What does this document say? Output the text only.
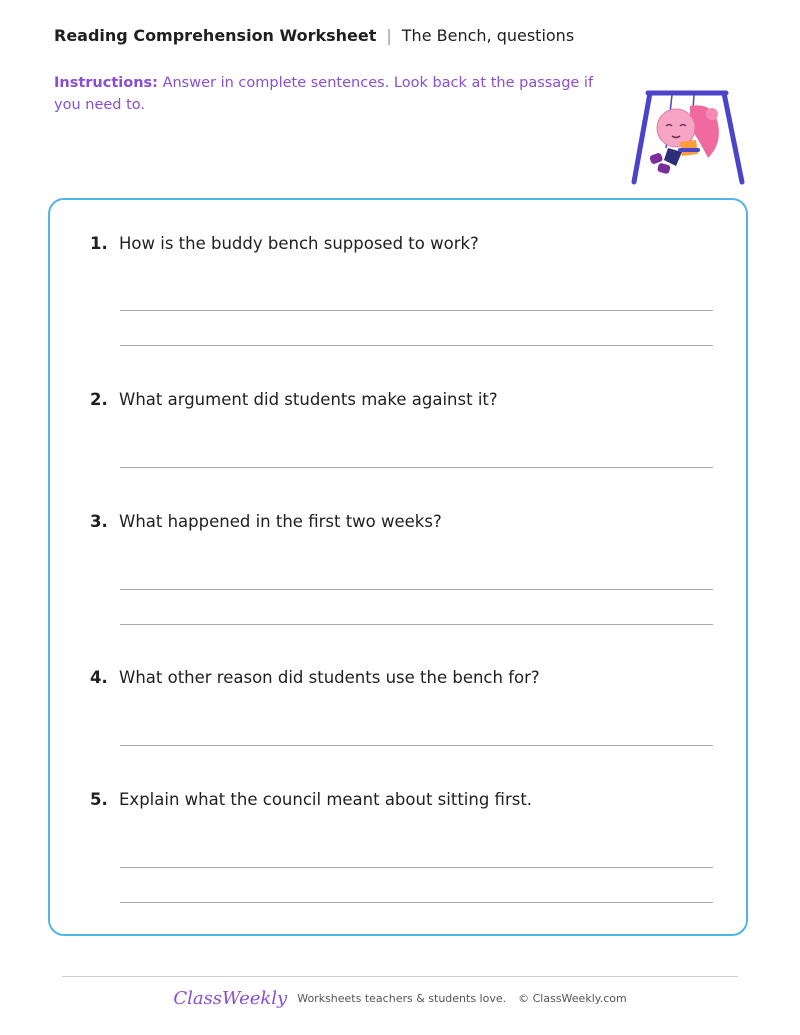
Reading Comprehension Worksheet | The Bench, questions
Instructions: Answer in complete sentences. Look back at the passage if you need to.
1. How is the buddy bench supposed to work?
2. What argument did students make against it?
3. What happened in the first two weeks?
4. What other reason did students use the bench for?
5. Explain what the council meant about sitting first.
ClassWeekly Worksheets teachers & students love. © ClassWeekly.com
